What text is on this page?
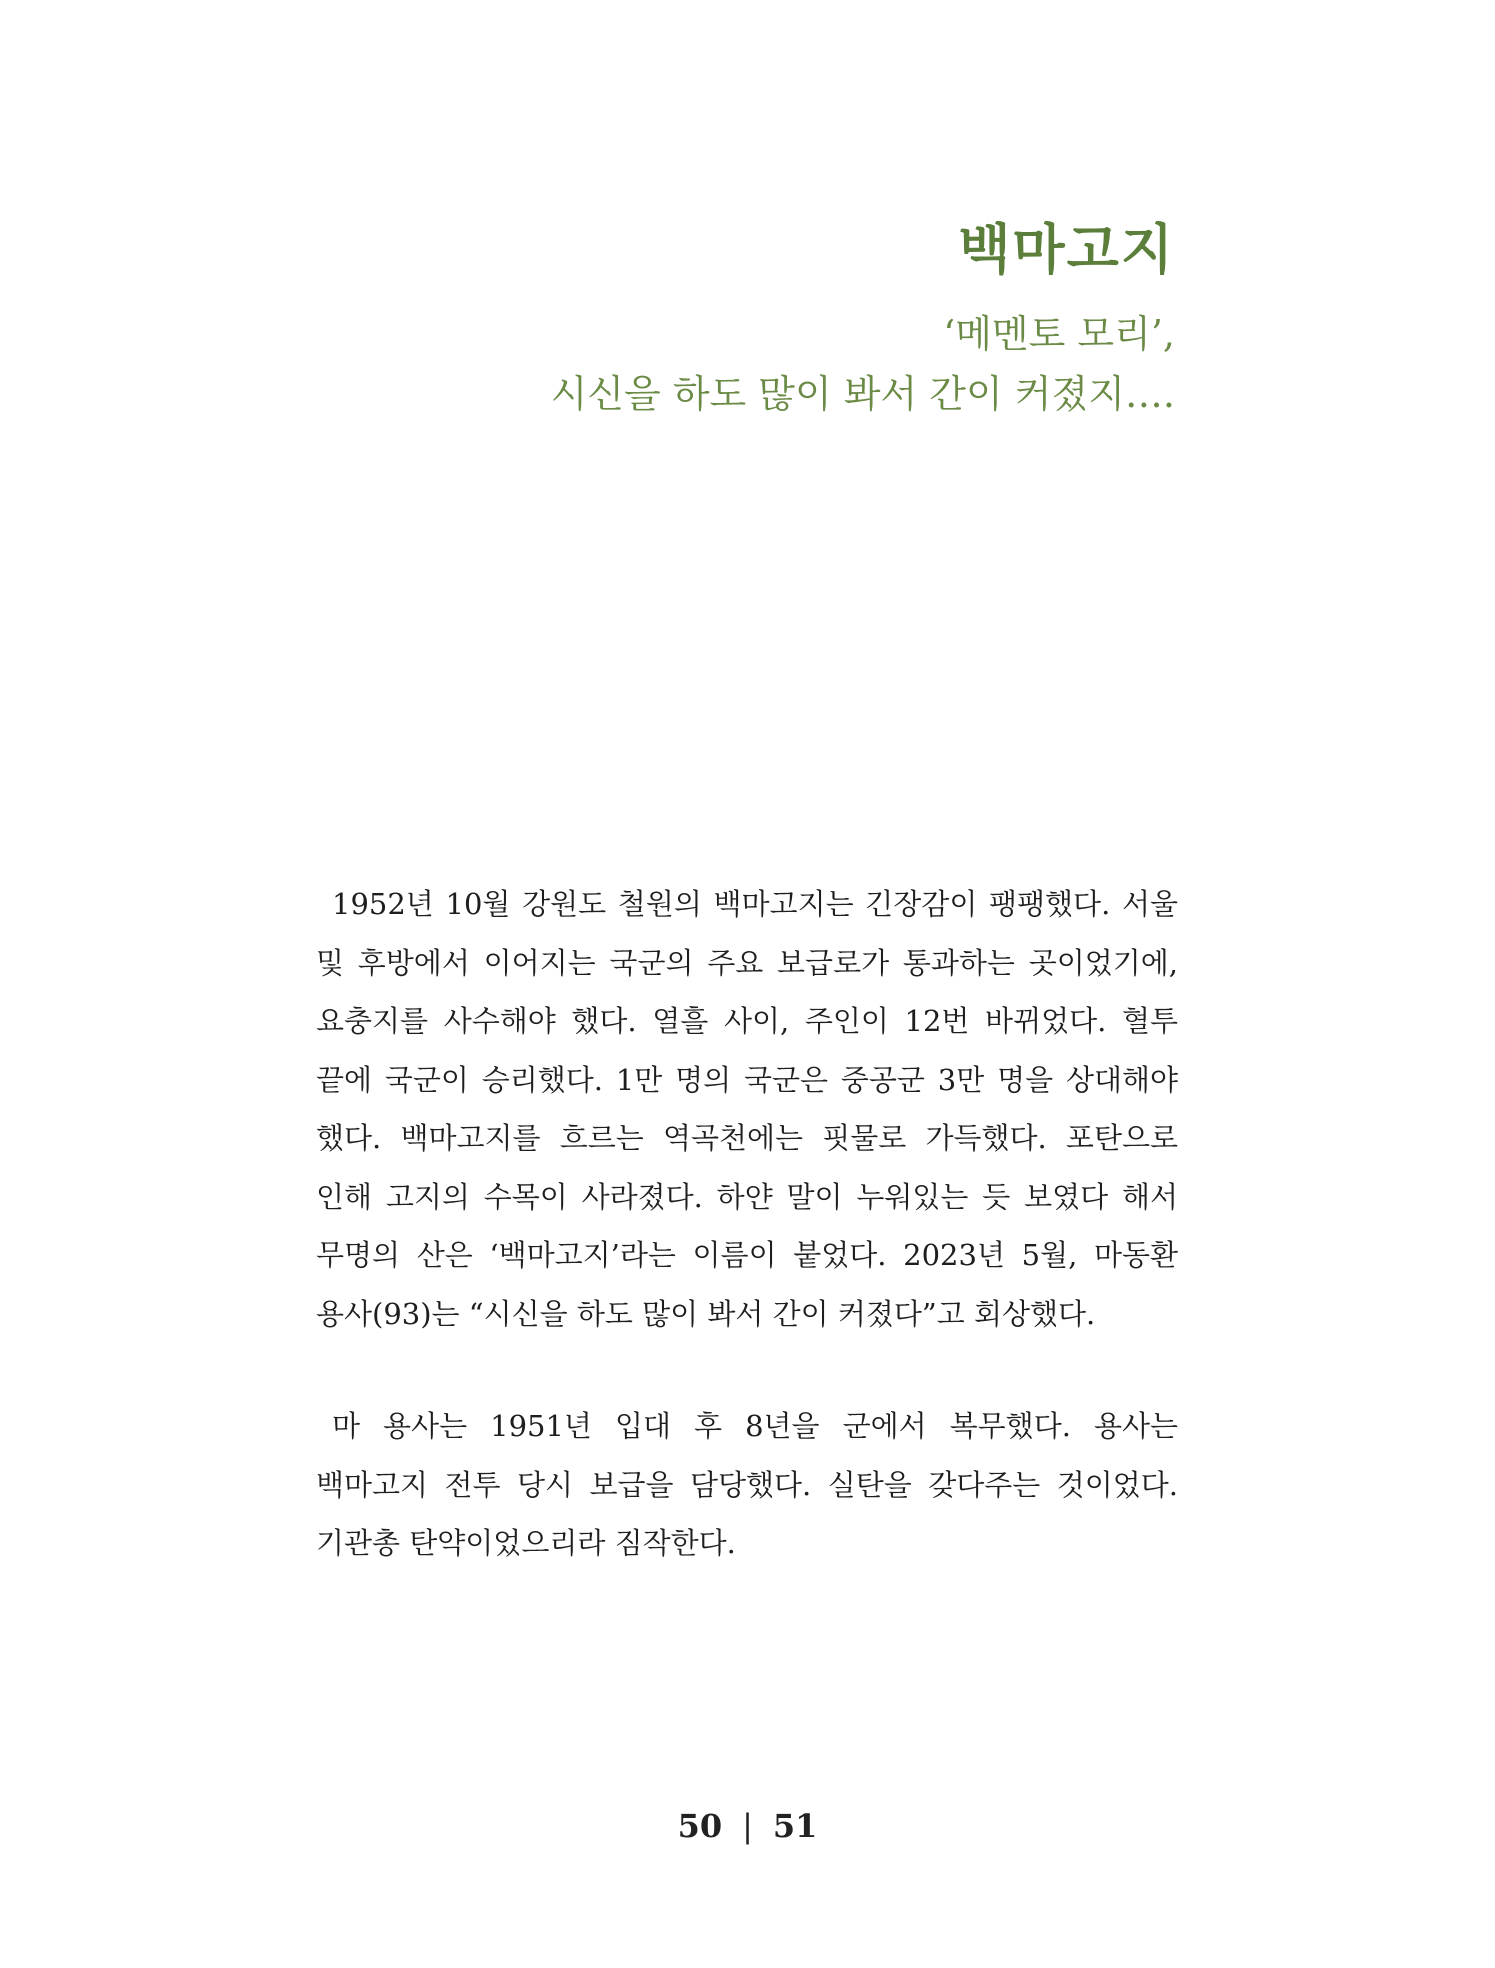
백마고지
‘메멘토 모리’,
시신을 하도 많이 봐서 간이 커졌지….

1952년 10월 강원도 철원의 백마고지는 긴장감이 팽팽했다. 서울 및 후방에서 이어지는 국군의 주요 보급로가 통과하는 곳이었기에, 요충지를 사수해야 했다. 열흘 사이, 주인이 12번 바뀌었다. 혈투 끝에 국군이 승리했다. 1만 명의 국군은 중공군 3만 명을 상대해야 했다. 백마고지를 흐르는 역곡천에는 핏물로 가득했다. 포탄으로 인해 고지의 수목이 사라졌다. 하얀 말이 누워있는 듯 보였다 해서 무명의 산은 ‘백마고지’라는 이름이 붙었다. 2023년 5월, 마동환 용사(93)는 “시신을 하도 많이 봐서 간이 커졌다”고 회상했다.

마 용사는 1951년 입대 후 8년을 군에서 복무했다. 용사는 백마고지 전투 당시 보급을 담당했다. 실탄을 갖다주는 것이었다. 기관총 탄약이었으리라 짐작한다.

50 | 51
